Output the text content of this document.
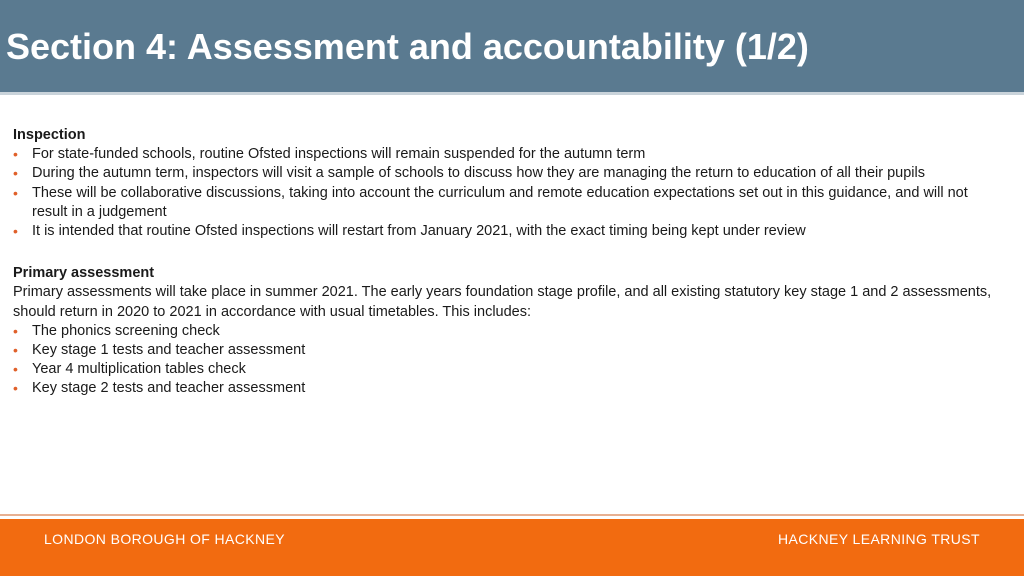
Section 4: Assessment and accountability (1/2)

Inspection

• For state-funded schools, routine Ofsted inspections will remain suspended for the autumn term
• During the autumn term, inspectors will visit a sample of schools to discuss how they are managing the return to education of all their pupils
• These will be collaborative discussions, taking into account the curriculum and remote education expectations set out in this guidance, and will not result in a judgement
• It is intended that routine Ofsted inspections will restart from January 2021, with the exact timing being kept under review

Primary assessment

Primary assessments will take place in summer 2021. The early years foundation stage profile, and all existing statutory key stage 1 and 2 assessments, should return in 2020 to 2021 in accordance with usual timetables. This includes:

• The phonics screening check
• Key stage 1 tests and teacher assessment
• Year 4 multiplication tables check
• Key stage 2 tests and teacher assessment
LONDON BOROUGH OF HACKNEY	HACKNEY LEARNING TRUST
